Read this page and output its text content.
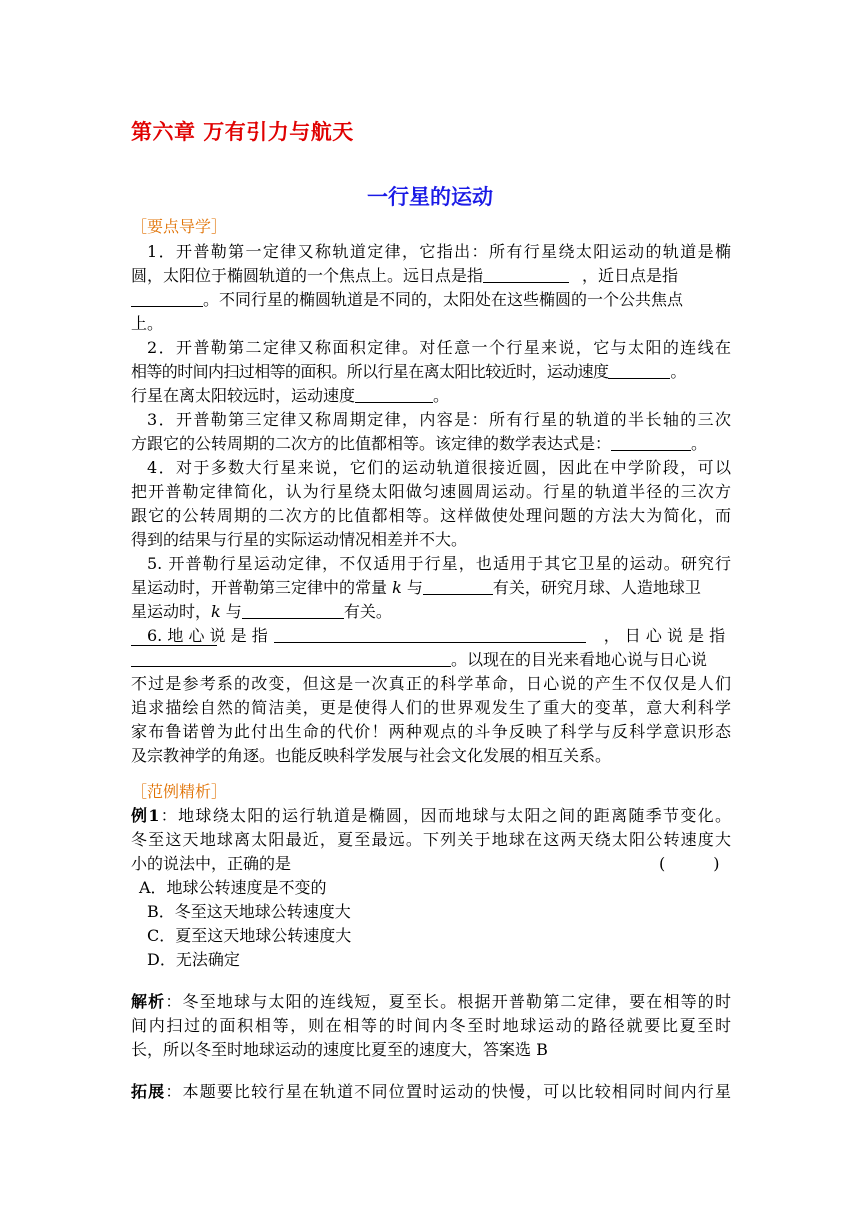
第六章 万有引力与航天
一行星的运动
［要点导学］
1．开普勒第一定律又称轨道定律，它指出：所有行星绕太阳运动的轨道是椭
圆，太阳位于椭圆轨道的一个焦点上。远日点是指	，近日点是指
。不同行星的椭圆轨道是不同的，太阳处在这些椭圆的一个公共焦点
上。
2．开普勒第二定律又称面积定律。对任意一个行星来说，它与太阳的连线在
相等的时间内扫过相等的面积。所以行星在离太阳比较近时，运动速度	。
行星在离太阳较远时，运动速度	。
3．开普勒第三定律又称周期定律，内容是：所有行星的轨道的半长轴的三次
方跟它的公转周期的二次方的比值都相等。该定律的数学表达式是：	。
4．对于多数大行星来说，它们的运动轨道很接近圆，因此在中学阶段，可以
把开普勒定律简化，认为行星绕太阳做匀速圆周运动。行星的轨道半径的三次方
跟它的公转周期的二次方的比值都相等。这样做使处理问题的方法大为简化，而
得到的结果与行星的实际运动情况相差并不大。
5. 开普勒行星运动定律，不仅适用于行星，也适用于其它卫星的运动。研究行
星运动时，开普勒第三定律中的常量 k 与	有关，研究月球、人造地球卫
星运动时，k 与	有关。
6. 地 心 说 是 指	， 日 心 说 是 指
。以现在的目光来看地心说与日心说
不过是参考系的改变，但这是一次真正的科学革命，日心说的产生不仅仅是人们
追求描绘自然的简洁美，更是使得人们的世界观发生了重大的变革，意大利科学
家布鲁诺曾为此付出生命的代价！两种观点的斗争反映了科学与反科学意识形态
及宗教神学的角逐。也能反映科学发展与社会文化发展的相互关系。
［范例精析］
例1：地球绕太阳的运行轨道是椭圆，因而地球与太阳之间的距离随季节变化。
冬至这天地球离太阳最近，夏至最远。下列关于地球在这两天绕太阳公转速度大
小的说法中，正确的是	(　　　)
A．地球公转速度是不变的
B．冬至这天地球公转速度大
C．夏至这天地球公转速度大
D．无法确定
解析：冬至地球与太阳的连线短，夏至长。根据开普勒第二定律，要在相等的时
间内扫过的面积相等，则在相等的时间内冬至时地球运动的路径就要比夏至时
长，所以冬至时地球运动的速度比夏至的速度大，答案选 B
拓展：本题要比较行星在轨道不同位置时运动的快慢，可以比较相同时间内行星
